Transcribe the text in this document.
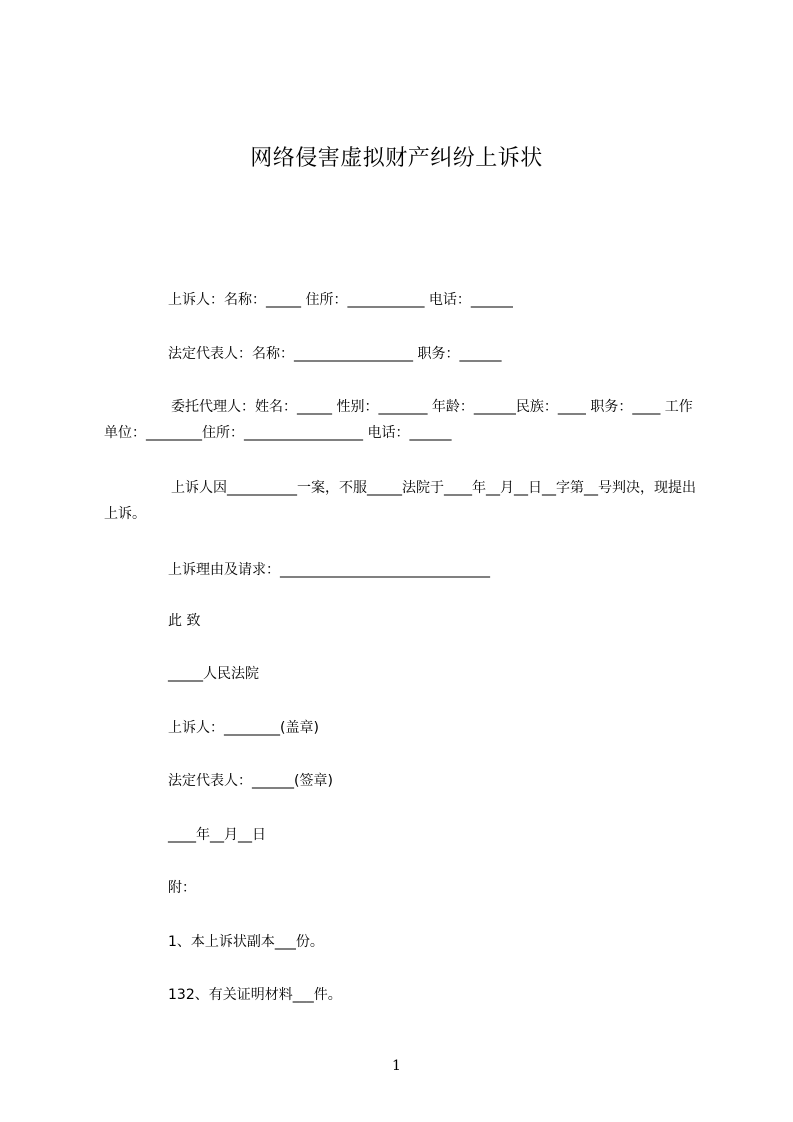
网络侵害虚拟财产纠纷上诉状
上诉人：名称：_____ 住所：___________ 电话：______
法定代表人：名称：_________________ 职务：______
委托代理人：姓名：_____ 性别：_______ 年龄：______民族：____ 职务：____ 工作单位：________住所：_________________ 电话：______
上诉人因__________一案，不服_____法院于____年__月__日__字第__号判决，现提出上诉。
上诉理由及请求：______________________________
此 致
_____人民法院
上诉人：________(盖章)
法定代表人：______(签章)
____年__月__日
附：
1、本上诉状副本___份。
132、有关证明材料___件。
1
